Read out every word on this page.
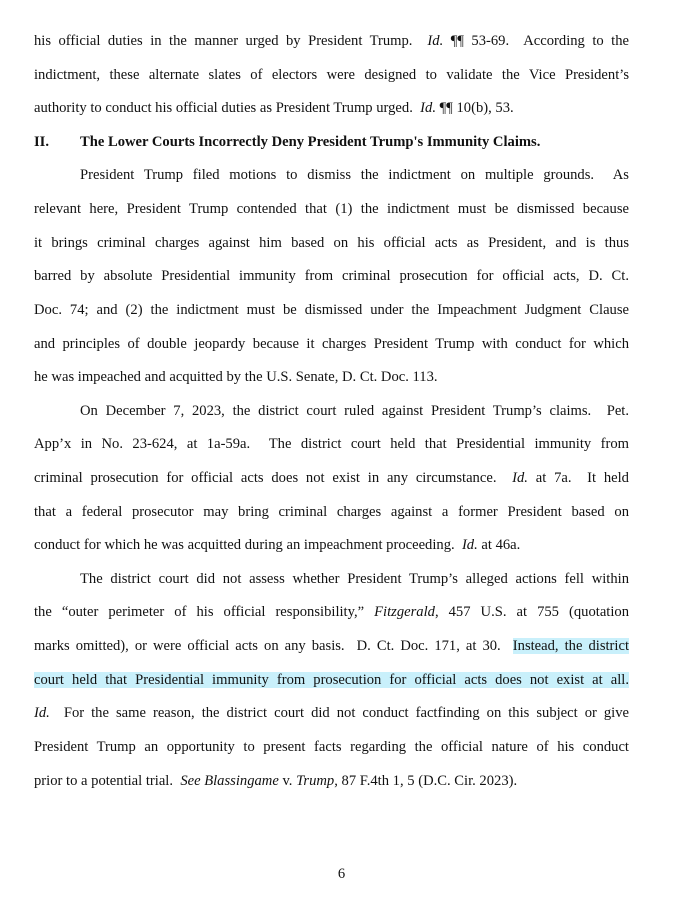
his official duties in the manner urged by President Trump.  Id. ¶¶ 53-69.  According to the
indictment, these alternate slates of electors were designed to validate the Vice President’s
authority to conduct his official duties as President Trump urged.  Id. ¶¶ 10(b), 53.
II. The Lower Courts Incorrectly Deny President Trump's Immunity Claims.
President Trump filed motions to dismiss the indictment on multiple grounds.  As
relevant here, President Trump contended that (1) the indictment must be dismissed because
it brings criminal charges against him based on his official acts as President, and is thus
barred by absolute Presidential immunity from criminal prosecution for official acts, D. Ct.
Doc. 74; and (2) the indictment must be dismissed under the Impeachment Judgment Clause
and principles of double jeopardy because it charges President Trump with conduct for which
he was impeached and acquitted by the U.S. Senate, D. Ct. Doc. 113.
On December 7, 2023, the district court ruled against President Trump’s claims.  Pet.
App’x in No. 23-624, at 1a-59a.  The district court held that Presidential immunity from
criminal prosecution for official acts does not exist in any circumstance.  Id. at 7a.  It held
that a federal prosecutor may bring criminal charges against a former President based on
conduct for which he was acquitted during an impeachment proceeding.  Id. at 46a.
The district court did not assess whether President Trump’s alleged actions fell within
the “outer perimeter of his official responsibility,” Fitzgerald, 457 U.S. at 755 (quotation
marks omitted), or were official acts on any basis.  D. Ct. Doc. 171, at 30.  Instead, the district
court held that Presidential immunity from prosecution for official acts does not exist at all.
Id.  For the same reason, the district court did not conduct factfinding on this subject or give
President Trump an opportunity to present facts regarding the official nature of his conduct
prior to a potential trial.  See Blassingame v. Trump, 87 F.4th 1, 5 (D.C. Cir. 2023).
6
